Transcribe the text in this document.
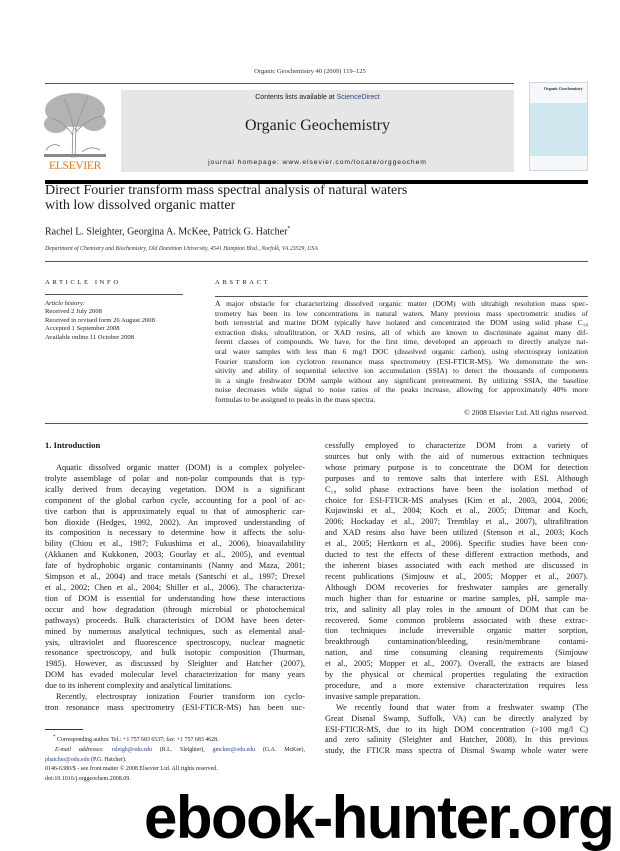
Organic Geochemistry 40 (2009) 119–125
ELSEVIER
Contents lists available at ScienceDirect
Organic Geochemistry
journal homepage: www.elsevier.com/locate/orggeochem
Organic Geochemistry
Direct Fourier transform mass spectral analysis of natural waters
with low dissolved organic matter
Rachel L. Sleighter, Georgina A. McKee, Patrick G. Hatcher*
Department of Chemistry and Biochemistry, Old Dominion University, 4541 Hampton Blvd., Norfolk, VA 23529, USA
ARTICLE INFO
Article history:
Received 2 July 2008
Received in revised form 26 August 2008
Accepted 1 September 2008
Available online 11 October 2008
ABSTRACT
A major obstacle for characterizing dissolved organic matter (DOM) with ultrahigh resolution mass spec-
trometry has been its low concentrations in natural waters. Many previous mass spectrometric studies of
both terrestrial and marine DOM typically have isolated and concentrated the DOM using solid phase C₁₈
extraction disks, ultrafiltration, or XAD resins, all of which are known to discriminate against many dif-
ferent classes of compounds. We have, for the first time, developed an approach to directly analyze nat-
ural water samples with less than 6 mg/l DOC (dissolved organic carbon), using electrospray ionization
Fourier transform ion cyclotron resonance mass spectrometry (ESI-FTICR-MS). We demonstrate the sen-
sitivity and ability of sequential selective ion accumulation (SSIA) to detect the thousands of components
in a single freshwater DOM sample without any significant pretreatment. By utilizing SSIA, the baseline
noise decreases while signal to noise ratios of the peaks increase, allowing for approximately 40% more
formulas to be assigned to peaks in the mass spectra.
© 2008 Elsevier Ltd. All rights reserved.
1. Introduction
Aquatic dissolved organic matter (DOM) is a complex polyelec-
trolyte assemblage of polar and non-polar compounds that is typ-
ically derived from decaying vegetation. DOM is a significant
component of the global carbon cycle, accounting for a pool of ac-
tive carbon that is approximately equal to that of atmospheric car-
bon dioxide (Hedges, 1992, 2002). An improved understanding of
its composition is necessary to determine how it affects the solu-
bility (Chiou et al., 1987; Fukushima et al., 2006), bioavailability
(Akkanen and Kukkonen, 2003; Gourlay et al., 2005), and eventual
fate of hydrophobic organic contaminants (Nanny and Maza, 2001;
Simpson et al., 2004) and trace metals (Santschi et al., 1997; Drexel
et al., 2002; Chen et al., 2004; Shiller et al., 2006). The characteriza-
tion of DOM is essential for understanding how these interactions
occur and how degradation (through microbial or photochemical
pathways) proceeds. Bulk characteristics of DOM have been deter-
mined by numerous analytical techniques, such as elemental anal-
ysis, ultraviolet and fluorescence spectroscopy, nuclear magnetic
resonance spectroscopy, and bulk isotopic composition (Thurman,
1985). However, as discussed by Sleighter and Hatcher (2007),
DOM has evaded molecular level characterization for many years
due to its inherent complexity and analytical limitations.
Recently, electrospray ionization Fourier transform ion cyclo-
tron resonance mass spectrometry (ESI-FTICR-MS) has been suc-
cessfully employed to characterize DOM from a variety of
sources but only with the aid of numerous extraction techniques
whose primary purpose is to concentrate the DOM for detection
purposes and to remove salts that interfere with ESI. Although
C₁₈ solid phase extractions have been the isolation method of
choice for ESI-FTICR-MS analyses (Kim et al., 2003, 2004, 2006;
Kujawinski et al., 2004; Koch et al., 2005; Dittmar and Koch,
2006; Hockaday et al., 2007; Tremblay et al., 2007), ultrafiltration
and XAD resins also have been utilized (Stenson et al., 2003; Koch
et al., 2005; Hertkorn et al., 2006). Specific studies have been con-
ducted to test the effects of these different extraction methods, and
the inherent biases associated with each method are discussed in
recent publications (Simjouw et al., 2005; Mopper et al., 2007).
Although DOM recoveries for freshwater samples are generally
much higher than for estuarine or marine samples, pH, sample ma-
trix, and salinity all play roles in the amount of DOM that can be
recovered. Some common problems associated with these extrac-
tion techniques include irreversible organic matter sorption,
breakthrough contamination/bleeding, resin/membrane contami-
nation, and time consuming cleaning requirements (Simjouw
et al., 2005; Mopper et al., 2007). Overall, the extracts are biased
by the physical or chemical properties regulating the extraction
procedure, and a more extensive characterization requires less
invasive sample preparation.
We recently found that water from a freshwater swamp (The
Great Dismal Swamp, Suffolk, VA) can be directly analyzed by
ESI-FTICR-MS, due to its high DOM concentration (>100 mg/l C)
and zero salinity (Sleighter and Hatcher, 2008). In this previous
study, the FTICR mass spectra of Dismal Swamp whole water were
* Corresponding author. Tel.: +1 757 683 6537; fax: +1 757 683 4628.
E-mail addresses: rsleigh@odu.edu (R.L. Sleighter), gmckee@odu.edu (G.A. McKee), phatcher@odu.edu (P.G. Hatcher).
0146-6380/$ - see front matter © 2008 Elsevier Ltd. All rights reserved.
doi:10.1016/j.orggeochem.2008.09.
ebook-hunter.org
